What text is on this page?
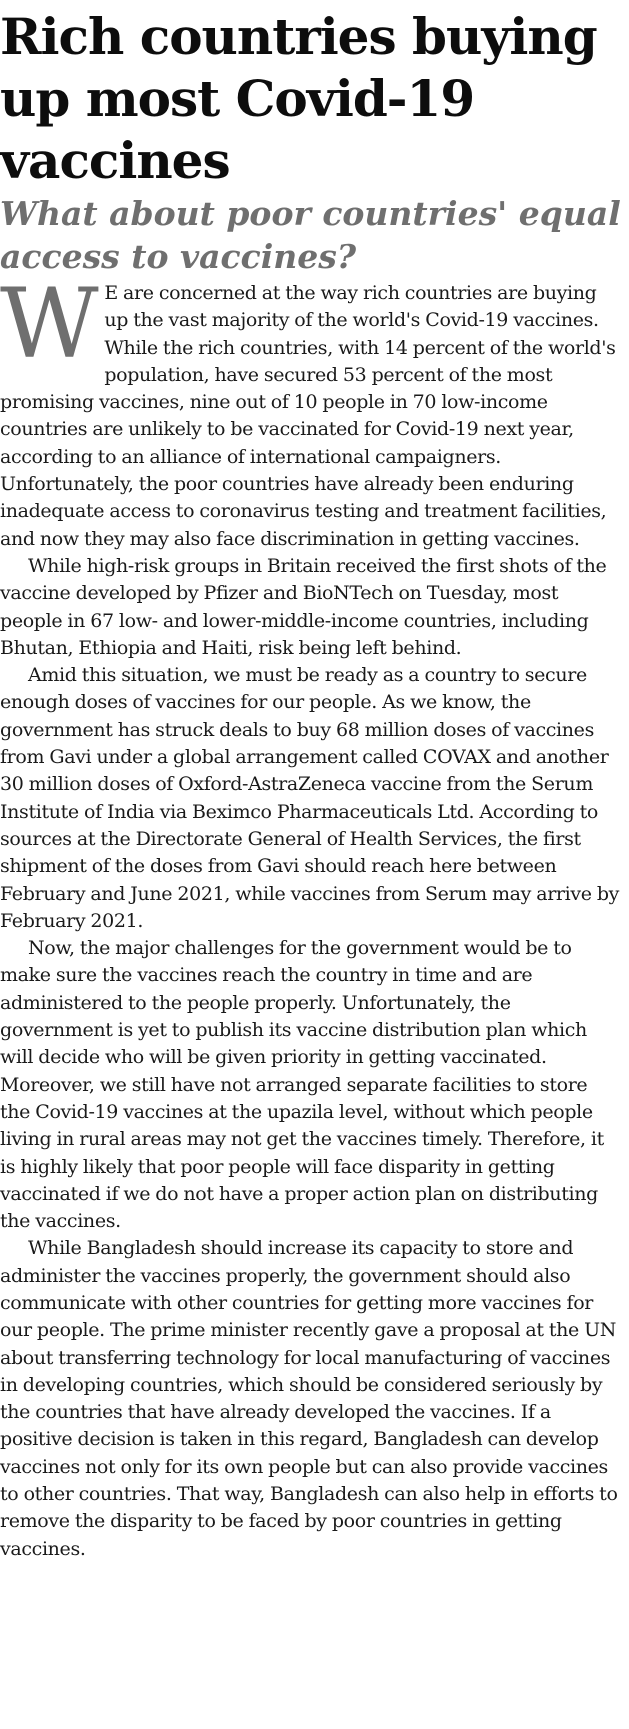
Rich countries buying up most Covid-19 vaccines
What about poor countries' equal access to vaccines?

W E are concerned at the way rich countries are buying up the vast majority of the world's Covid-19 vaccines. While the rich countries, with 14 percent of the world's population, have secured 53 percent of the most promising vaccines, nine out of 10 people in 70 low-income countries are unlikely to be vaccinated for Covid-19 next year, according to an alliance of international campaigners. Unfortunately, the poor countries have already been enduring inadequate access to coronavirus testing and treatment facilities, and now they may also face discrimination in getting vaccines.

While high-risk groups in Britain received the first shots of the vaccine developed by Pfizer and BioNTech on Tuesday, most people in 67 low- and lower-middle-income countries, including Bhutan, Ethiopia and Haiti, risk being left behind.

Amid this situation, we must be ready as a country to secure enough doses of vaccines for our people. As we know, the government has struck deals to buy 68 million doses of vaccines from Gavi under a global arrangement called COVAX and another 30 million doses of Oxford-AstraZeneca vaccine from the Serum Institute of India via Beximco Pharmaceuticals Ltd. According to sources at the Directorate General of Health Services, the first shipment of the doses from Gavi should reach here between February and June 2021, while vaccines from Serum may arrive by February 2021.

Now, the major challenges for the government would be to make sure the vaccines reach the country in time and are administered to the people properly. Unfortunately, the government is yet to publish its vaccine distribution plan which will decide who will be given priority in getting vaccinated. Moreover, we still have not arranged separate facilities to store the Covid-19 vaccines at the upazila level, without which people living in rural areas may not get the vaccines timely. Therefore, it is highly likely that poor people will face disparity in getting vaccinated if we do not have a proper action plan on distributing the vaccines.

While Bangladesh should increase its capacity to store and administer the vaccines properly, the government should also communicate with other countries for getting more vaccines for our people. The prime minister recently gave a proposal at the UN about transferring technology for local manufacturing of vaccines in developing countries, which should be considered seriously by the countries that have already developed the vaccines. If a positive decision is taken in this regard, Bangladesh can develop vaccines not only for its own people but can also provide vaccines to other countries. That way, Bangladesh can also help in efforts to remove the disparity to be faced by poor countries in getting vaccines.
